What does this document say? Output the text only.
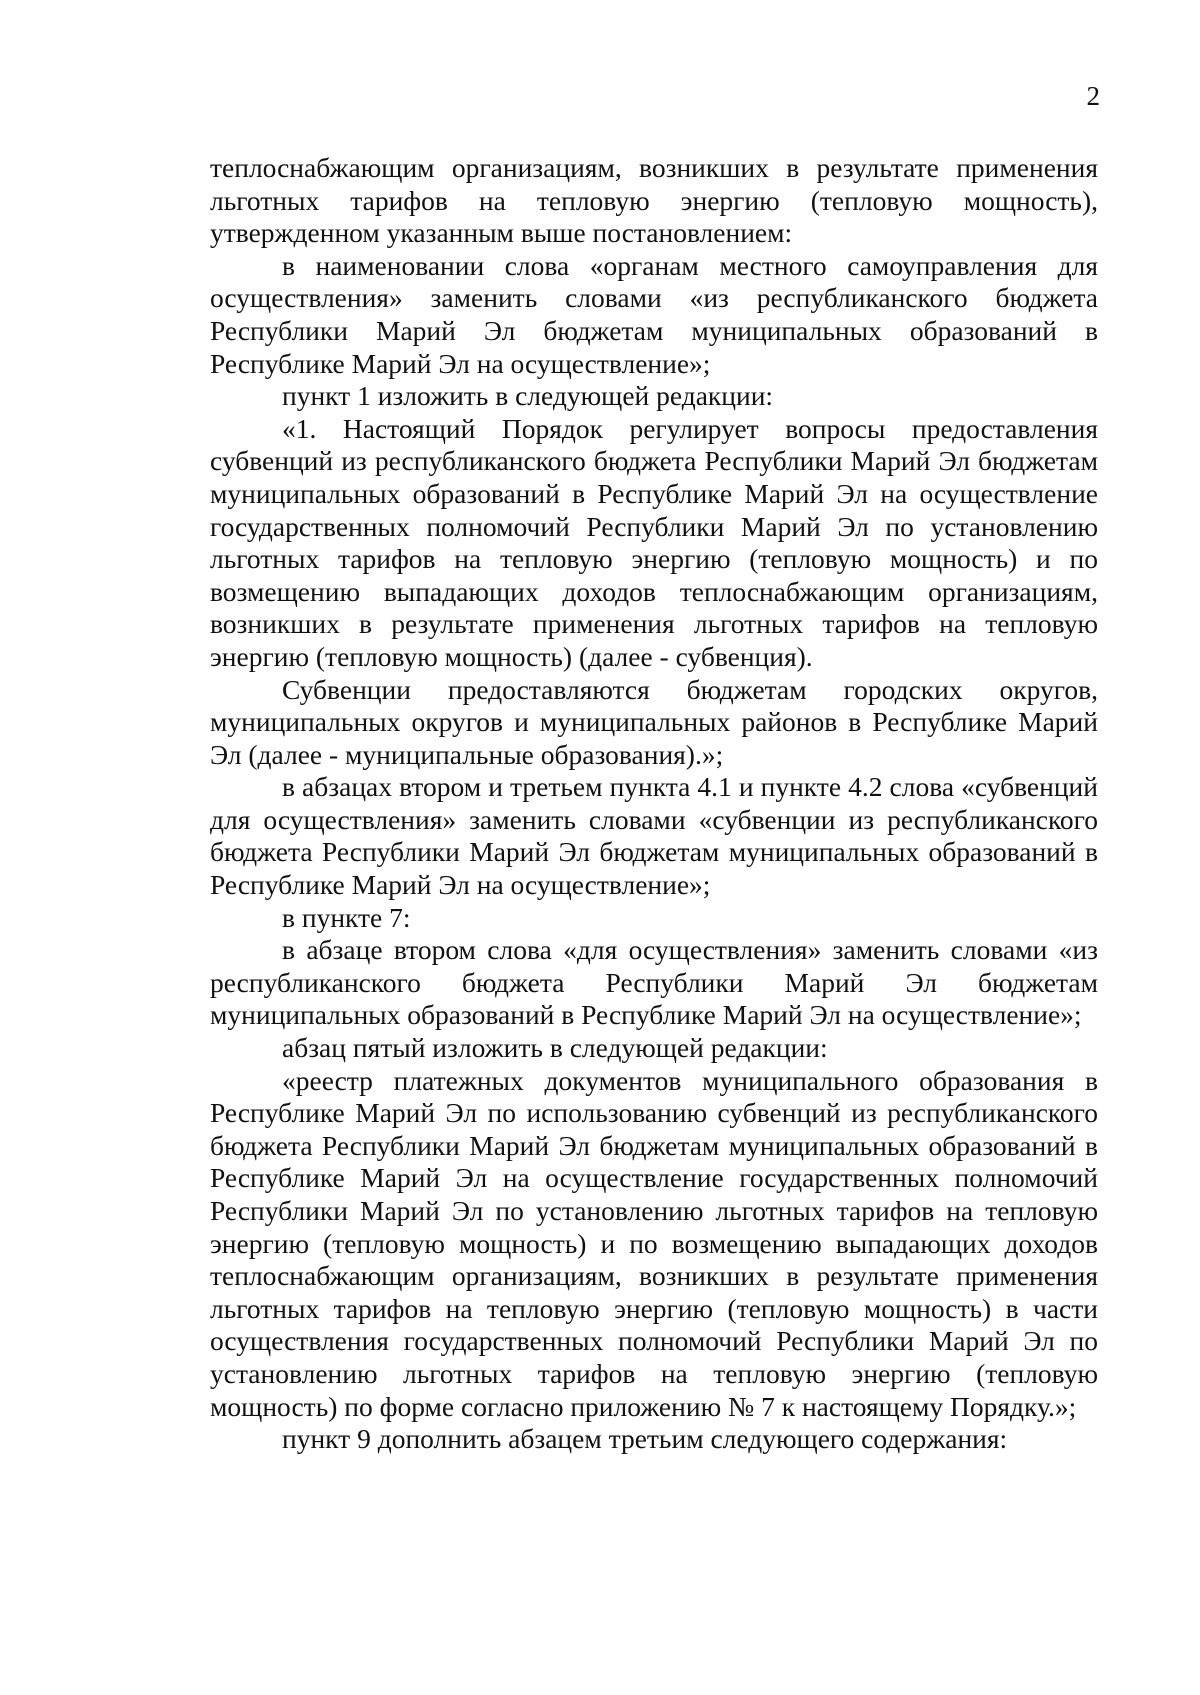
2

теплоснабжающим организациям, возникших в результате применения льготных тарифов на тепловую энергию (тепловую мощность), утвержденном указанным выше постановлением:

в наименовании слова «органам местного самоуправления для осуществления» заменить словами «из республиканского бюджета Республики Марий Эл бюджетам муниципальных образований в Республике Марий Эл на осуществление»;

пункт 1 изложить в следующей редакции:

«1. Настоящий Порядок регулирует вопросы предоставления субвенций из республиканского бюджета Республики Марий Эл бюджетам муниципальных образований в Республике Марий Эл на осуществление государственных полномочий Республики Марий Эл по установлению льготных тарифов на тепловую энергию (тепловую мощность) и по возмещению выпадающих доходов теплоснабжающим организациям, возникших в результате применения льготных тарифов на тепловую энергию (тепловую мощность) (далее - субвенция).

Субвенции предоставляются бюджетам городских округов, муниципальных округов и муниципальных районов в Республике Марий Эл (далее - муниципальные образования).»;

в абзацах втором и третьем пункта 4.1 и пункте 4.2 слова «субвенций для осуществления» заменить словами «субвенции из республиканского бюджета Республики Марий Эл бюджетам муниципальных образований в Республике Марий Эл на осуществление»;

в пункте 7:

в абзаце втором слова «для осуществления» заменить словами «из республиканского бюджета Республики Марий Эл бюджетам муниципальных образований в Республике Марий Эл на осуществление»;

абзац пятый изложить в следующей редакции:

«реестр платежных документов муниципального образования в Республике Марий Эл по использованию субвенций из республиканского бюджета Республики Марий Эл бюджетам муниципальных образований в Республике Марий Эл на осуществление государственных полномочий Республики Марий Эл по установлению льготных тарифов на тепловую энергию (тепловую мощность) и по возмещению выпадающих доходов теплоснабжающим организациям, возникших в результате применения льготных тарифов на тепловую энергию (тепловую мощность) в части осуществления государственных полномочий Республики Марий Эл по установлению льготных тарифов на тепловую энергию (тепловую мощность) по форме согласно приложению № 7 к настоящему Порядку.»;

пункт 9 дополнить абзацем третьим следующего содержания:
